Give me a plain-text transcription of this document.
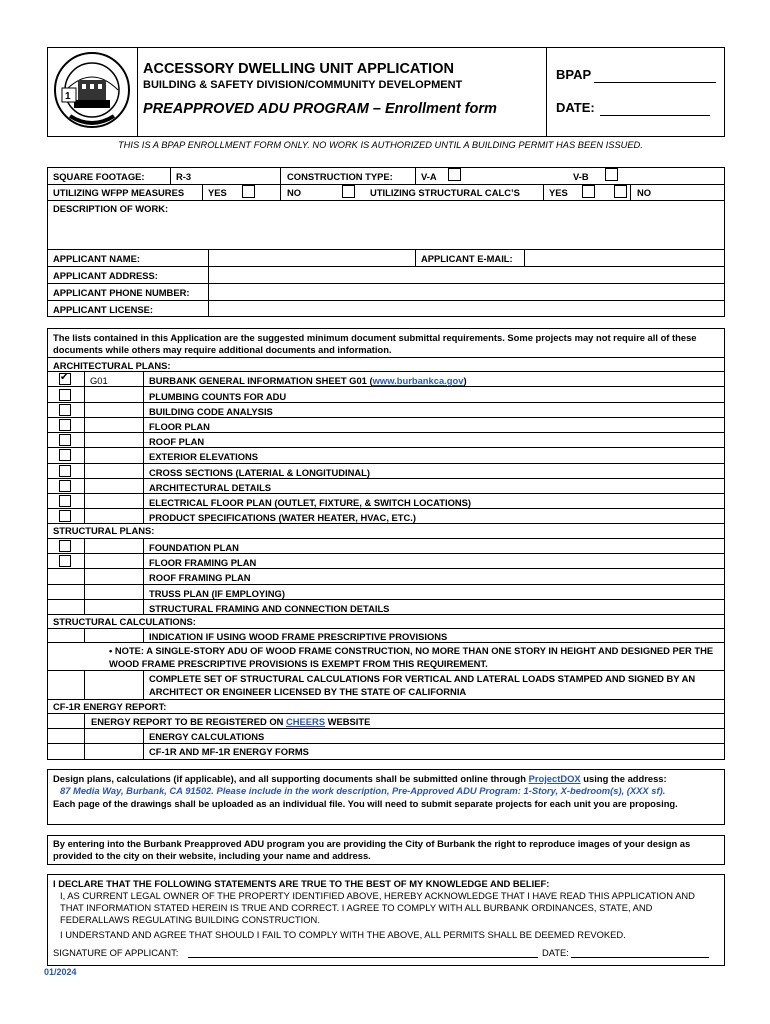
1
ACCESSORY DWELLING UNIT APPLICATION
BUILDING & SAFETY DIVISION/COMMUNITY DEVELOPMENT
PREAPPROVED ADU PROGRAM – Enrollment form
BPAP
DATE:
THIS IS A BPAP ENROLLMENT FORM ONLY. NO WORK IS AUTHORIZED UNTIL A BUILDING PERMIT HAS BEEN ISSUED.
SQUARE FOOTAGE:	R-3	CONSTRUCTION TYPE:	V-A	V-B
UTILIZING WFPP MEASURES	YES	NO	UTILIZING STRUCTURAL CALC’S	YES	NO
DESCRIPTION OF WORK:
APPLICANT NAME:	APPLICANT E-MAIL:
APPLICANT ADDRESS:
APPLICANT PHONE NUMBER:
APPLICANT LICENSE:
The lists contained in this Application are the suggested minimum document submittal requirements. Some projects may not require all of these documents while others may require additional documents and information.
ARCHITECTURAL PLANS:
✔ G01	BURBANK GENERAL INFORMATION SHEET G01 (www.burbankca.gov)
PLUMBING COUNTS FOR ADU
BUILDING CODE ANALYSIS
FLOOR PLAN
ROOF PLAN
EXTERIOR ELEVATIONS
CROSS SECTIONS (LATERIAL & LONGITUDINAL)
ARCHITECTURAL DETAILS
ELECTRICAL FLOOR PLAN (OUTLET, FIXTURE, & SWITCH LOCATIONS)
PRODUCT SPECIFICATIONS (WATER HEATER, HVAC, ETC.)
STRUCTURAL PLANS:
FOUNDATION PLAN
FLOOR FRAMING PLAN
ROOF FRAMING PLAN
TRUSS PLAN (IF EMPLOYING)
STRUCTURAL FRAMING AND CONNECTION DETAILS
STRUCTURAL CALCULATIONS:
INDICATION IF USING WOOD FRAME PRESCRIPTIVE PROVISIONS
• NOTE: A SINGLE-STORY ADU OF WOOD FRAME CONSTRUCTION, NO MORE THAN ONE STORY IN HEIGHT AND DESIGNED PER THE WOOD FRAME PRESCRIPTIVE PROVISIONS IS EXEMPT FROM THIS REQUIREMENT.
COMPLETE SET OF STRUCTURAL CALCULATIONS FOR VERTICAL AND LATERAL LOADS STAMPED AND SIGNED BY AN ARCHITECT OR ENGINEER LICENSED BY THE STATE OF CALIFORNIA
CF-1R ENERGY REPORT:
ENERGY REPORT TO BE REGISTERED ON CHEERS WEBSITE
ENERGY CALCULATIONS
CF-1R AND MF-1R ENERGY FORMS
Design plans, calculations (if applicable), and all supporting documents shall be submitted online through ProjectDOX using the address:
87 Media Way, Burbank, CA 91502. Please include in the work description, Pre-Approved ADU Program: 1-Story, X-bedroom(s), (XXX sf).
Each page of the drawings shall be uploaded as an individual file. You will need to submit separate projects for each unit you are proposing.
By entering into the Burbank Preapproved ADU program you are providing the City of Burbank the right to reproduce images of your design as provided to the city on their website, including your name and address.
I DECLARE THAT THE FOLLOWING STATEMENTS ARE TRUE TO THE BEST OF MY KNOWLEDGE AND BELIEF:
I, AS CURRENT LEGAL OWNER OF THE PROPERTY IDENTIFIED ABOVE, HEREBY ACKNOWLEDGE THAT I HAVE READ THIS APPLICATION AND THAT INFORMATION STATED HEREIN IS TRUE AND CORRECT. I AGREE TO COMPLY WITH ALL BURBANK ORDINANCES, STATE, AND FEDERALLAWS REGULATING BUILDING CONSTRUCTION.
I UNDERSTAND AND AGREE THAT SHOULD I FAIL TO COMPLY WITH THE ABOVE, ALL PERMITS SHALL BE DEEMED REVOKED.
SIGNATURE OF APPLICANT:	DATE:
01/2024
